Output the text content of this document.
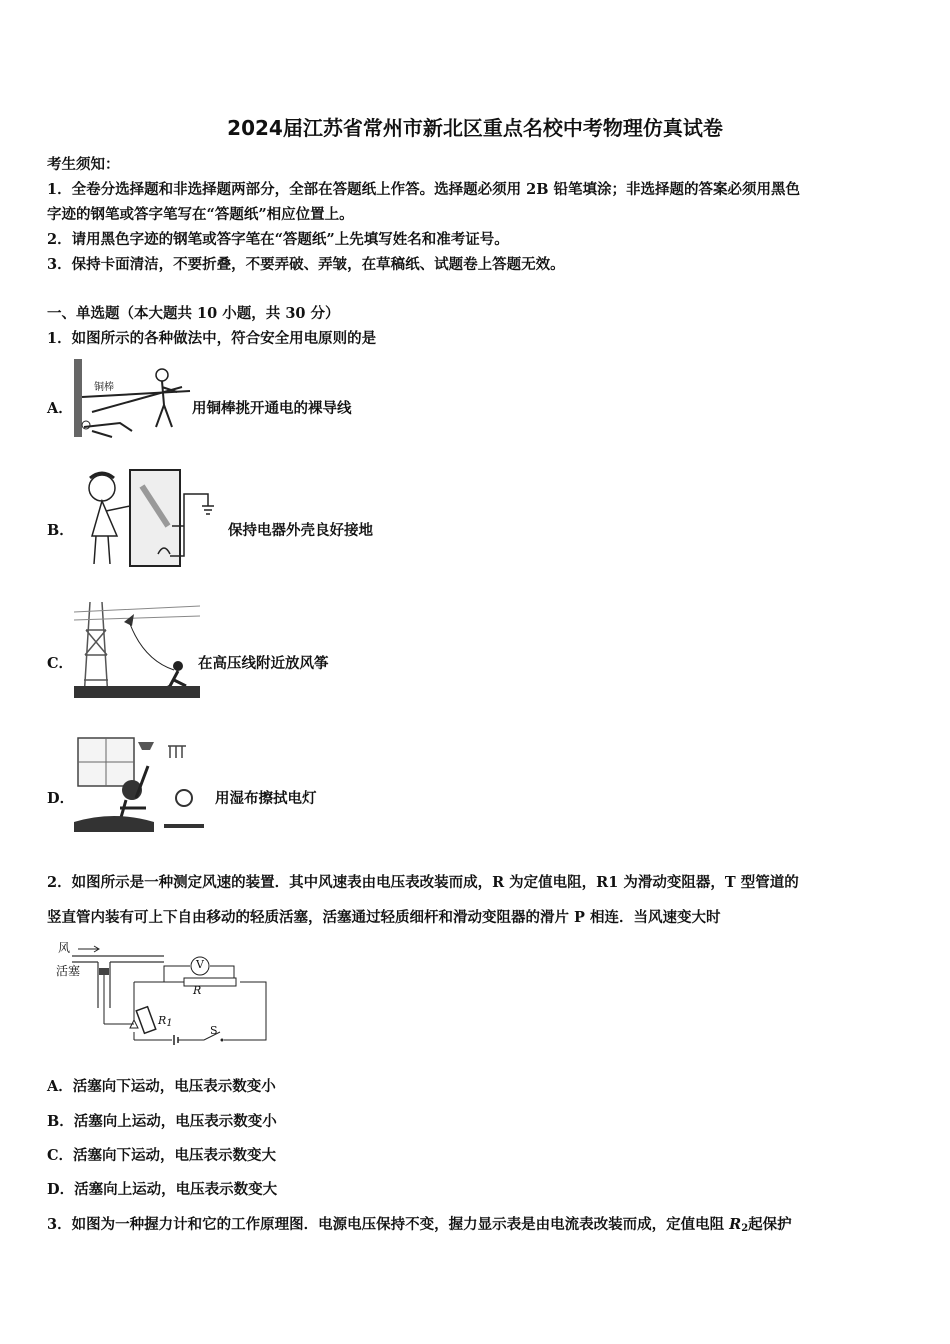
2024届江苏省常州市新北区重点名校中考物理仿真试卷
考生须知：
1．全卷分选择题和非选择题两部分，全部在答题纸上作答。选择题必须用 2B 铅笔填涂；非选择题的答案必须用黑色
字迹的钢笔或答字笔写在“答题纸”相应位置上。
2．请用黑色字迹的钢笔或答字笔在“答题纸”上先填写姓名和准考证号。
3．保持卡面清洁，不要折叠，不要弄破、弄皱，在草稿纸、试题卷上答题无效。
一、单选题（本大题共 10 小题，共 30 分）
1．如图所示的各种做法中，符合安全用电原则的是
A．
铜棒
用铜棒挑开通电的裸导线
B．	保持电器外壳良好接地
C．	在高压线附近放风筝
D．	用湿布擦拭电灯
2．如图所示是一种测定风速的装置．其中风速表由电压表改装而成，R 为定值电阻，R1 为滑动变阻器，T 型管道的
竖直管内装有可上下自由移动的轻质活塞，活塞通过轻质细杆和滑动变阻器的滑片 P 相连．当风速变大时
风
活塞	V
R
R1
S
A．活塞向下运动，电压表示数变小
B．活塞向上运动，电压表示数变小
C．活塞向下运动，电压表示数变大
D．活塞向上运动，电压表示数变大
3．如图为一种握力计和它的工作原理图．电源电压保持不变，握力显示表是由电流表改装而成，定值电阻 $R_2$起保护
